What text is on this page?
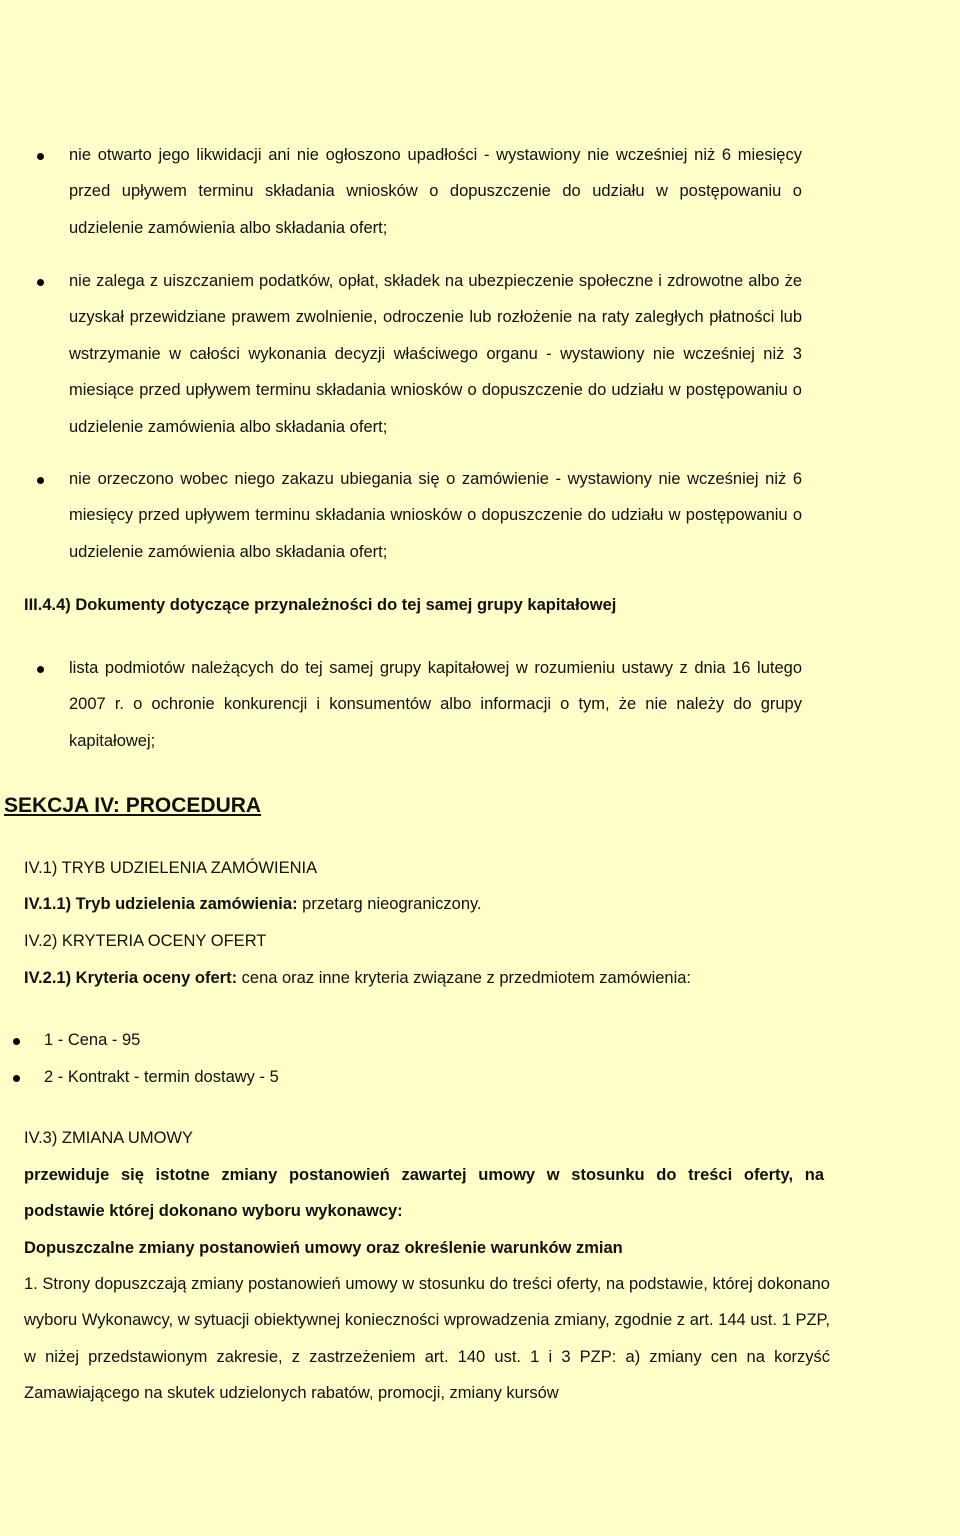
nie otwarto jego likwidacji ani nie ogłoszono upadłości - wystawiony nie wcześniej niż 6 miesięcy przed upływem terminu składania wniosków o dopuszczenie do udziału w postępowaniu o udzielenie zamówienia albo składania ofert;
nie zalega z uiszczaniem podatków, opłat, składek na ubezpieczenie społeczne i zdrowotne albo że uzyskał przewidziane prawem zwolnienie, odroczenie lub rozłożenie na raty zaległych płatności lub wstrzymanie w całości wykonania decyzji właściwego organu - wystawiony nie wcześniej niż 3 miesiące przed upływem terminu składania wniosków o dopuszczenie do udziału w postępowaniu o udzielenie zamówienia albo składania ofert;
nie orzeczono wobec niego zakazu ubiegania się o zamówienie - wystawiony nie wcześniej niż 6 miesięcy przed upływem terminu składania wniosków o dopuszczenie do udziału w postępowaniu o udzielenie zamówienia albo składania ofert;
III.4.4) Dokumenty dotyczące przynależności do tej samej grupy kapitałowej
lista podmiotów należących do tej samej grupy kapitałowej w rozumieniu ustawy z dnia 16 lutego 2007 r. o ochronie konkurencji i konsumentów albo informacji o tym, że nie należy do grupy kapitałowej;
SEKCJA IV: PROCEDURA
IV.1) TRYB UDZIELENIA ZAMÓWIENIA
IV.1.1) Tryb udzielenia zamówienia: przetarg nieograniczony.
IV.2) KRYTERIA OCENY OFERT
IV.2.1) Kryteria oceny ofert: cena oraz inne kryteria związane z przedmiotem zamówienia:
1 - Cena - 95
2 - Kontrakt - termin dostawy - 5
IV.3) ZMIANA UMOWY
przewiduje się istotne zmiany postanowień zawartej umowy w stosunku do treści oferty, na podstawie której dokonano wyboru wykonawcy:
Dopuszczalne zmiany postanowień umowy oraz określenie warunków zmian
1. Strony dopuszczają zmiany postanowień umowy w stosunku do treści oferty, na podstawie, której dokonano wyboru Wykonawcy, w sytuacji obiektywnej konieczności wprowadzenia zmiany, zgodnie z art. 144 ust. 1 PZP, w niżej przedstawionym zakresie, z zastrzeżeniem art. 140 ust. 1 i 3 PZP: a) zmiany cen na korzyść Zamawiającego na skutek udzielonych rabatów, promocji, zmiany kursów
